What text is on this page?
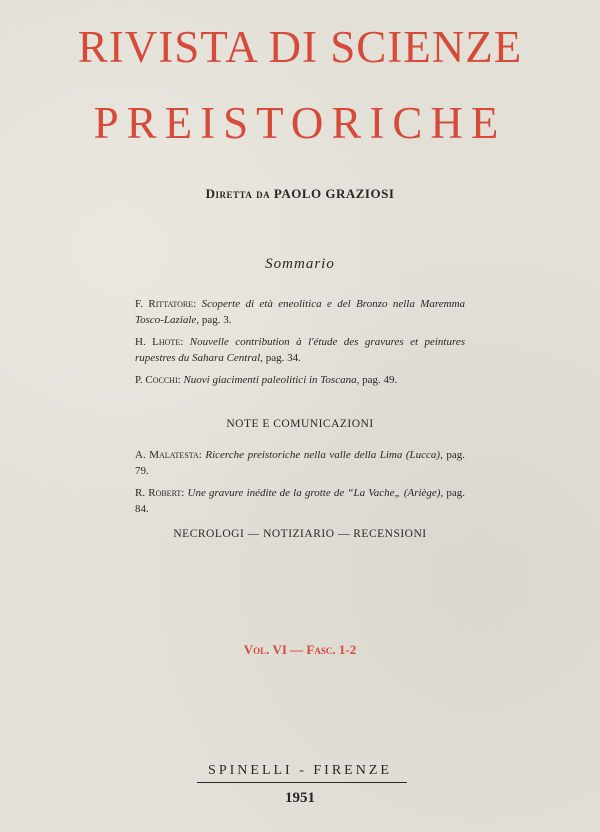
RIVISTA DI SCIENZE
PREISTORICHE
Diretta da PAOLO GRAZIOSI
Sommario

F. Rittatore: Scoperte di età eneolitica e del Bronzo nella Maremma Tosco-Laziale, pag. 3.

H. Lhote: Nouvelle contribution à l'étude des gravures et peintures rupestres du Sahara Central, pag. 34.

P. Cocchi: Nuovi giacimenti paleolitici in Toscana, pag. 49.

NOTE E COMUNICAZIONI

A. Malatesta: Ricerche preistoriche nella valle della Lima (Lucca), pag. 79.

R. Robert: Une gravure inédite de la grotte de “La Vache„ (Ariège), pag. 84.

NECROLOGI — NOTIZIARIO — RECENSIONI
Vol. VI — Fasc. 1-2
SPINELLI - FIRENZE
1951
